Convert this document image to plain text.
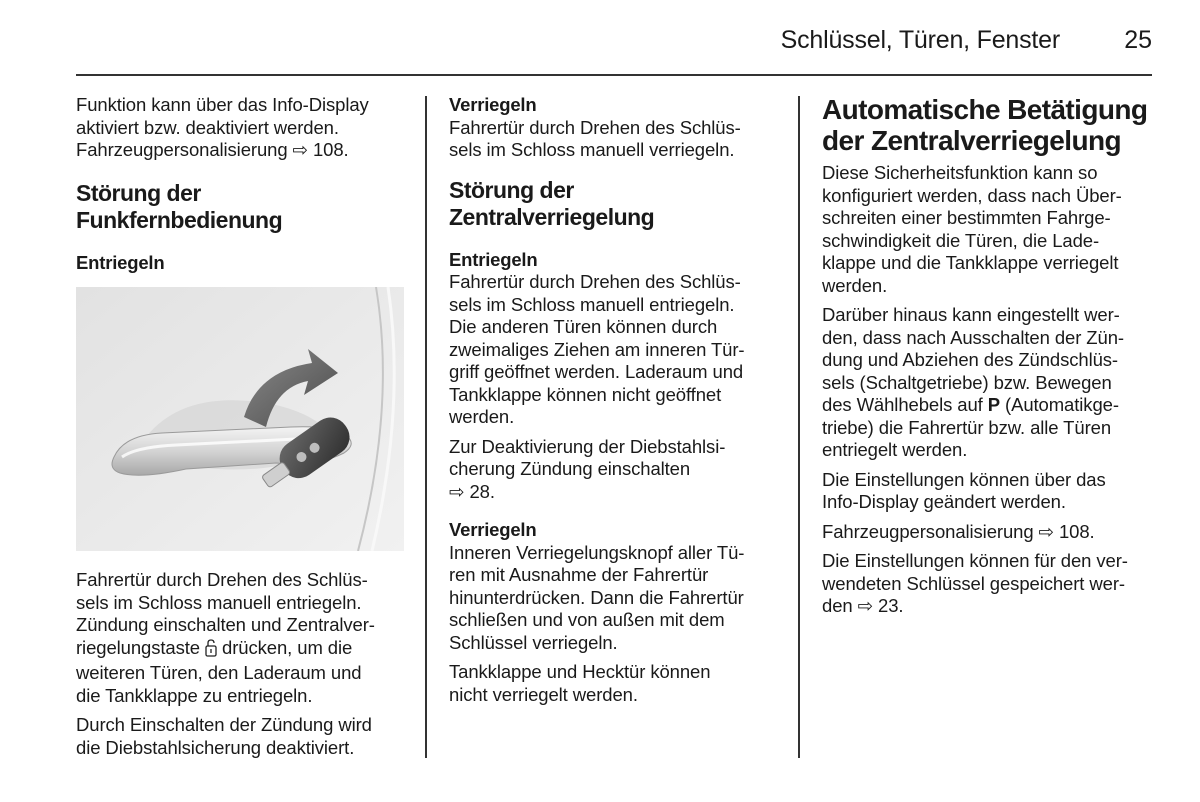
Schlüssel, Türen, Fenster	25

Funktion kann über das Info-Display
aktiviert bzw. deaktiviert werden.
Fahrzeugpersonalisierung ⇨ 108.

Störung der Funkfernbedienung
Entriegeln

Fahrertür durch Drehen des Schlüs-
sels im Schloss manuell entriegeln.
Zündung einschalten und Zentralver-
riegelungstaste  drücken, um die
weiteren Türen, den Laderaum und
die Tankklappe zu entriegeln.

Durch Einschalten der Zündung wird
die Diebstahlsicherung deaktiviert.

Verriegeln

Fahrertür durch Drehen des Schlüs-
sels im Schloss manuell verriegeln.

Störung der Zentralverriegelung
Entriegeln

Fahrertür durch Drehen des Schlüs-
sels im Schloss manuell entriegeln.
Die anderen Türen können durch
zweimaliges Ziehen am inneren Tür-
griff geöffnet werden. Laderaum und
Tankklappe können nicht geöffnet
werden.

Zur Deaktivierung der Diebstahlsi-
cherung Zündung einschalten
⇨ 28.

Verriegeln

Inneren Verriegelungsknopf aller Tü-
ren mit Ausnahme der Fahrertür
hinunterdrücken. Dann die Fahrertür
schließen und von außen mit dem
Schlüssel verriegeln.

Tankklappe und Hecktür können
nicht verriegelt werden.

Automatische Betätigung
der Zentralverriegelung

Diese Sicherheitsfunktion kann so
konfiguriert werden, dass nach Über-
schreiten einer bestimmten Fahrge-
schwindigkeit die Türen, die Lade-
klappe und die Tankklappe verriegelt
werden.

Darüber hinaus kann eingestellt wer-
den, dass nach Ausschalten der Zün-
dung und Abziehen des Zündschlüs-
sels (Schaltgetriebe) bzw. Bewegen
des Wählhebels auf P (Automatikge-
triebe) die Fahrertür bzw. alle Türen
entriegelt werden.

Die Einstellungen können über das
Info-Display geändert werden.

Fahrzeugpersonalisierung ⇨ 108.

Die Einstellungen können für den ver-
wendeten Schlüssel gespeichert wer-
den ⇨ 23.
